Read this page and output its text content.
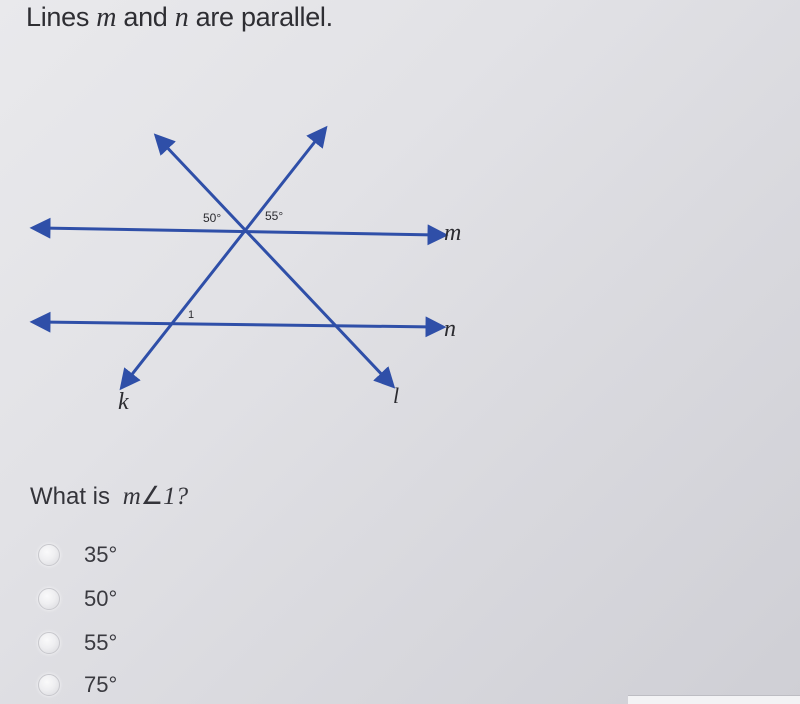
Lines m and n are parallel.
50°	55°
1
m
n
k	l
What is m∠1?
35°
50°
55°
75°
